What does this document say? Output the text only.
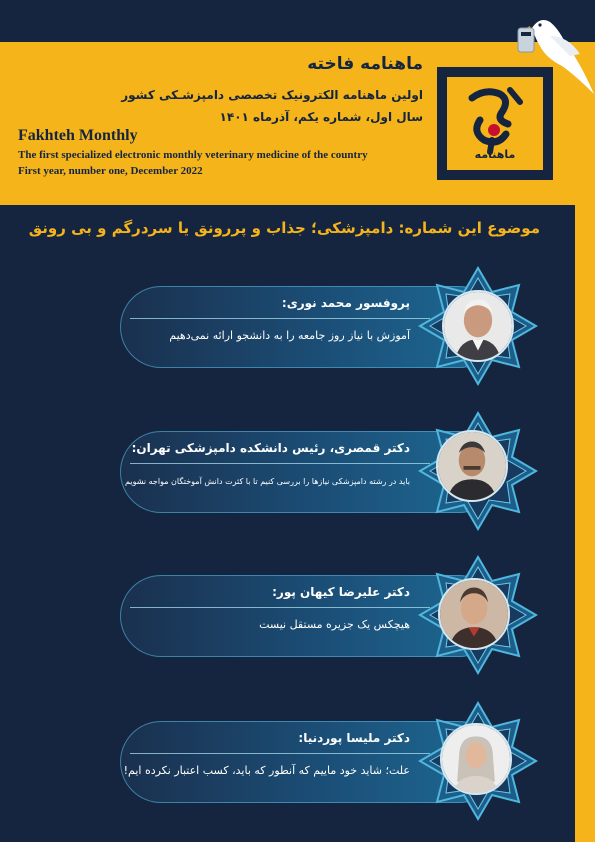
ماهنامه
ماهنامه فاخته
اولین ماهنامه الکترونیک تخصصی دامپزشـکی کشور
سال اول، شماره یکم، آذرماه ۱۴۰۱
Fakhteh Monthly
The first specialized electronic monthly veterinary medicine of the country
First year, number one, December 2022
موضوع این شماره: دامپزشکی؛ جذاب و پررونق یا سردرگم و بی رونق
پروفسور محمد نوری:
آموزش با نیاز روز جامعه را به دانشجو ارائه نمی‌دهیم
دکتر قمصری، رئیس دانشکده دامپزشکی تهران:
باید در رشته دامپزشکی نیازها را بررسی کنیم تا با کثرت دانش آموختگان مواجه نشویم
دکتر علیرضا کیهان پور:
هیچکس یک جزیره مستقل نیست
دکتر ملیسا پوردنیا:
علت؛ شاید خود ماییم که آنطور که باید، کسب اعتبار نکرده ایم!
